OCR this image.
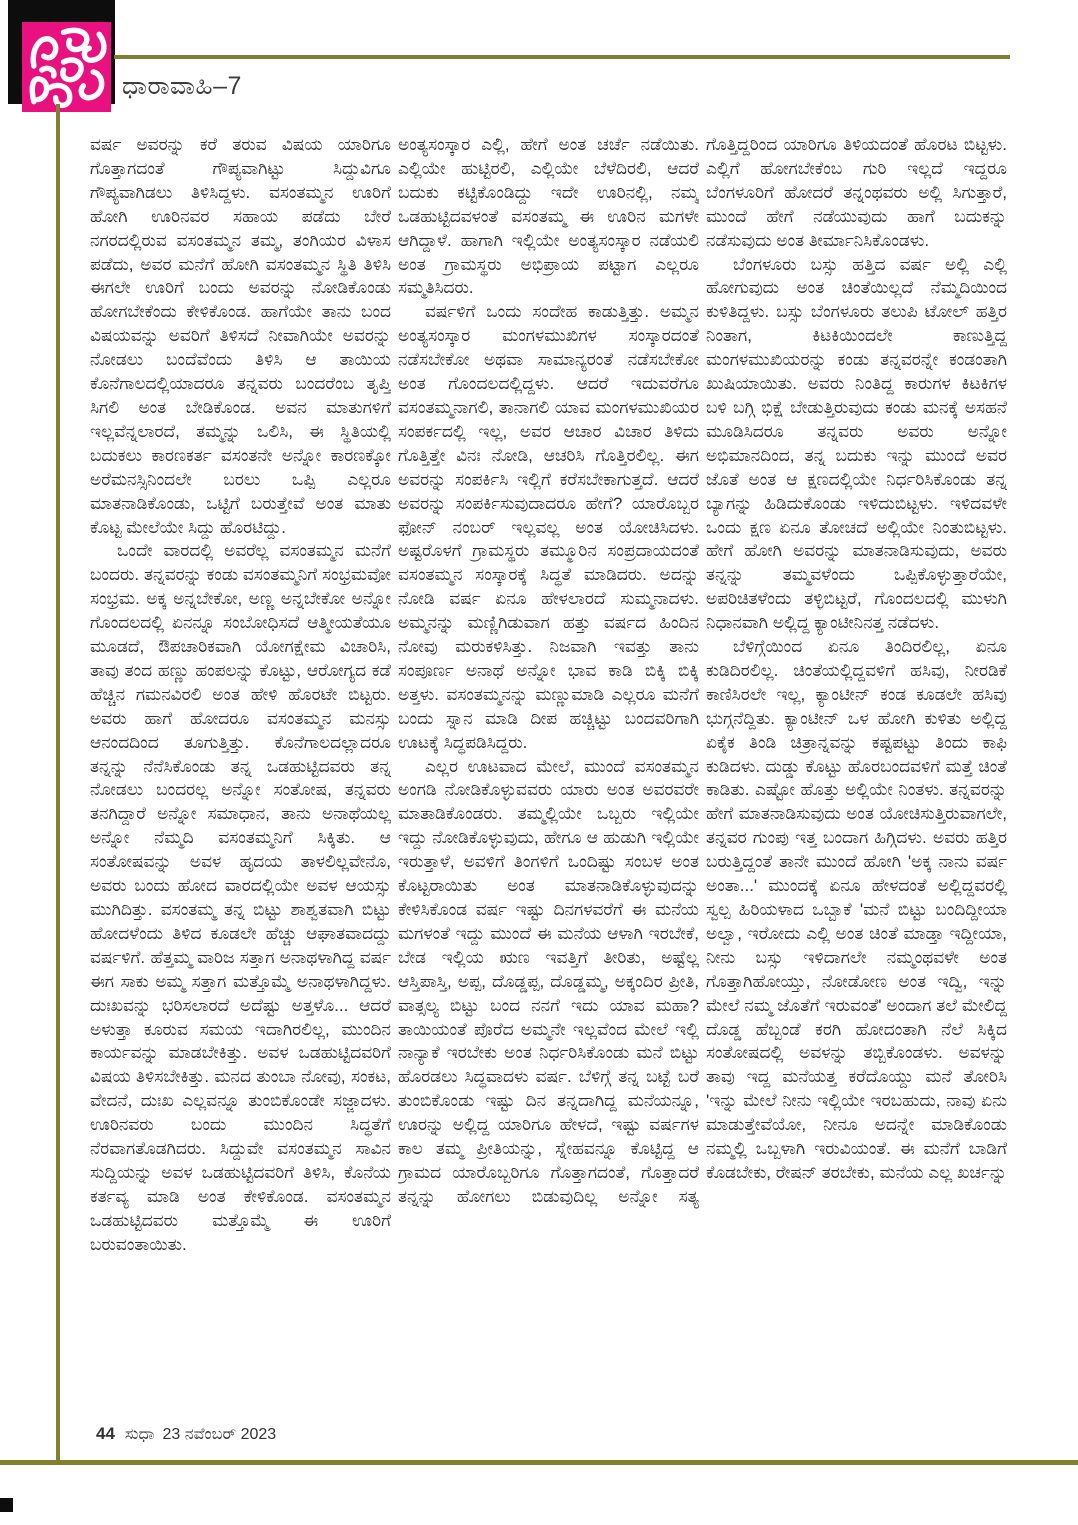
ಧಾರಾವಾಹಿ–7

ವರ್ಷ ಅವರನ್ನು ಕರೆ ತರುವ ವಿಷಯ ಯಾರಿಗೂ ಗೊತ್ತಾಗದಂತೆ ಗೌಪ್ಯವಾಗಿಟ್ಟು ಸಿದ್ದುವಿಗೂ ಗೌಪ್ಯವಾಗಿಡಲು ತಿಳಿಸಿದ್ದಳು. ವಸಂತಮ್ಮನ ಊರಿಗೆ ಹೋಗಿ ಊರಿನವರ ಸಹಾಯ ಪಡೆದು ಬೇರೆ ನಗರದಲ್ಲಿರುವ ವಸಂತಮ್ಮನ ತಮ್ಮ, ತಂಗಿಯರ ವಿಳಾಸ ಪಡೆದು, ಅವರ ಮನೆಗೆ ಹೋಗಿ ವಸಂತಮ್ಮನ ಸ್ಥಿತಿ ತಿಳಿಸಿ ಈಗಲೇ ಊರಿಗೆ ಬಂದು ಅವರನ್ನು ನೋಡಿಕೊಂಡು ಹೋಗಬೇಕೆಂದು ಕೇಳಿಕೊಂಡ. ಹಾಗೆಯೇ ತಾನು ಬಂದ ವಿಷಯವನ್ನು ಅವರಿಗೆ ತಿಳಿಸದೆ ನೀವಾಗಿಯೇ ಅವರನ್ನು ನೋಡಲು ಬಂದೆವೆಂದು ತಿಳಿಸಿ ಆ ತಾಯಿಯ ಕೊನೆಗಾಲದಲ್ಲಿಯಾದರೂ ತನ್ನವರು ಬಂದರೆಂಬ ತೃಪ್ತಿ ಸಿಗಲಿ ಅಂತ ಬೇಡಿಕೊಂಡ. ಅವನ ಮಾತುಗಳಿಗೆ ಇಲ್ಲವೆನ್ನಲಾರದೆ, ತಮ್ಮನ್ನು ಒಲಿಸಿ, ಈ ಸ್ಥಿತಿಯಲ್ಲಿ ಬದುಕಲು ಕಾರಣಕರ್ತ ವಸಂತನೇ ಅನ್ನೋ ಕಾರಣಕ್ಕೋ ಅರೆಮನಸ್ಸಿನಿಂದಲೇ ಬರಲು ಒಪ್ಪಿ ಎಲ್ಲರೂ ಮಾತನಾಡಿಕೊಂಡು, ಒಟ್ಟಿಗೆ ಬರುತ್ತೇವೆ ಅಂತ ಮಾತು ಕೊಟ್ಟ ಮೇಲೆಯೇ ಸಿದ್ದು ಹೊರಟಿದ್ದು.

ಒಂದೇ ವಾರದಲ್ಲಿ ಅವರೆಲ್ಲ ವಸಂತಮ್ಮನ ಮನೆಗೆ ಬಂದರು. ತನ್ನವರನ್ನು ಕಂಡು ವಸಂತಮ್ಮನಿಗೆ ಸಂಭ್ರಮವೋ ಸಂಭ್ರಮ. ಅಕ್ಕ ಅನ್ನಬೇಕೋ, ಅಣ್ಣ ಅನ್ನಬೇಕೋ ಅನ್ನೋ ಗೊಂದಲದಲ್ಲಿ ಏನನ್ನೂ ಸಂಬೋಧಿಸದೆ ಆತ್ಮೀಯತೆಯೂ ಮೂಡದೆ, ಔಪಚಾರಿಕವಾಗಿ ಯೋಗಕ್ಷೇಮ ವಿಚಾರಿಸಿ, ತಾವು ತಂದ ಹಣ್ಣು ಹಂಪಲನ್ನು ಕೊಟ್ಟು, ಆರೋಗ್ಯದ ಕಡೆ ಹೆಚ್ಚಿನ ಗಮನವಿರಲಿ ಅಂತ ಹೇಳಿ ಹೊರಟೇ ಬಿಟ್ಟರು. ಅವರು ಹಾಗೆ ಹೋದರೂ ವಸಂತಮ್ಮನ ಮನಸ್ಸು ಆನಂದದಿಂದ ತೂಗುತ್ತಿತ್ತು. ಕೊನೆಗಾಲದಲ್ಲಾದರೂ ತನ್ನನ್ನು ನೆನೆಸಿಕೊಂಡು ತನ್ನ ಒಡಹುಟ್ಟಿದವರು ತನ್ನ ನೋಡಲು ಬಂದರಲ್ಲ ಅನ್ನೋ ಸಂತೋಷ, ತನ್ನವರು ತನಗಿದ್ದಾರೆ ಅನ್ನೋ ಸಮಾಧಾನ, ತಾನು ಅನಾಥೆಯಲ್ಲ ಅನ್ನೋ ನೆಮ್ಮದಿ ವಸಂತಮ್ಮನಿಗೆ ಸಿಕ್ಕಿತು. ಆ ಸಂತೋಷವನ್ನು ಅವಳ ಹೃದಯ ತಾಳಲಿಲ್ಲವೇನೊ, ಅವರು ಬಂದು ಹೋದ ವಾರದಲ್ಲಿಯೇ ಅವಳ ಆಯಸ್ಸು ಮುಗಿದಿತ್ತು. ವಸಂತಮ್ಮ ತನ್ನ ಬಿಟ್ಟು ಶಾಶ್ವತವಾಗಿ ಬಿಟ್ಟು ಹೋದಳೆಂದು ತಿಳಿದ ಕೂಡಲೇ ಹೆಚ್ಚು ಆಘಾತವಾದದ್ದು ವರ್ಷಳಿಗೆ. ಹೆತ್ತಮ್ಮ ವಾರಿಜ ಸತ್ತಾಗ ಅನಾಥಳಾಗಿದ್ದ ವರ್ಷ ಈಗ ಸಾಕು ಅಮ್ಮ ಸತ್ತಾಗ ಮತ್ತೊಮ್ಮೆ ಅನಾಥಳಾಗಿದ್ದಳು. ದುಃಖವನ್ನು ಭರಿಸಲಾರದೆ ಅದೆಷ್ಟು ಅತ್ತಳೊ... ಆದರೆ ಅಳುತ್ತಾ ಕೂರುವ ಸಮಯ ಇದಾಗಿರಲಿಲ್ಲ, ಮುಂದಿನ ಕಾರ್ಯವನ್ನು ಮಾಡಬೇಕಿತ್ತು. ಅವಳ ಒಡಹುಟ್ಟಿದವರಿಗೆ ವಿಷಯ ತಿಳಿಸಬೇಕಿತ್ತು. ಮನದ ತುಂಬಾ ನೋವು, ಸಂಕಟ, ವೇದನೆ, ದುಃಖ ಎಲ್ಲವನ್ನೂ ತುಂಬಿಕೊಂಡೇ ಸಜ್ಜಾದಳು. ಊರಿನವರು ಬಂದು ಮುಂದಿನ ಸಿದ್ಧತೆಗೆ ನೆರವಾಗತೊಡಗಿದರು. ಸಿದ್ದುವೇ ವಸಂತಮ್ಮನ ಸಾವಿನ ಸುದ್ದಿಯನ್ನು ಅವಳ ಒಡಹುಟ್ಟಿದವರಿಗೆ ತಿಳಿಸಿ, ಕೊನೆಯ ಕರ್ತವ್ಯ ಮಾಡಿ ಅಂತ ಕೇಳಿಕೊಂಡ. ವಸಂತಮ್ಮನ ಒಡಹುಟ್ಟಿದವರು ಮತ್ತೊಮ್ಮೆ ಈ ಊರಿಗೆ ಬರುವಂತಾಯಿತು.

ಅಂತ್ಯಸಂಸ್ಕಾರ ಎಲ್ಲಿ, ಹೇಗೆ ಅಂತ ಚರ್ಚೆ ನಡೆಯಿತು. ಎಲ್ಲಿಯೇ ಹುಟ್ಟಿರಲಿ, ಎಲ್ಲಿಯೇ ಬೆಳೆದಿರಲಿ, ಆದರೆ ಬದುಕು ಕಟ್ಟಿಕೊಂಡಿದ್ದು ಇದೇ ಊರಿನಲ್ಲಿ, ನಮ್ಮ ಒಡಹುಟ್ಟಿದವಳಂತೆ ವಸಂತಮ್ಮ ಈ ಊರಿನ ಮಗಳೇ ಆಗಿದ್ದಾಳೆ. ಹಾಗಾಗಿ ಇಲ್ಲಿಯೇ ಅಂತ್ಯಸಂಸ್ಕಾರ ನಡೆಯಲಿ ಅಂತ ಗ್ರಾಮಸ್ಥರು ಅಭಿಪ್ರಾಯ ಪಟ್ಟಾಗ ಎಲ್ಲರೂ ಸಮ್ಮತಿಸಿದರು.

ವರ್ಷಳಿಗೆ ಒಂದು ಸಂದೇಹ ಕಾಡುತ್ತಿತ್ತು. ಅಮ್ಮನ ಅಂತ್ಯಸಂಸ್ಕಾರ ಮಂಗಳಮುಖಿಗಳ ಸಂಸ್ಕಾರದಂತೆ ನಡೆಸಬೇಕೋ ಅಥವಾ ಸಾಮಾನ್ಯರಂತೆ ನಡೆಸಬೇಕೋ ಅಂತ ಗೊಂದಲದಲ್ಲಿದ್ದಳು. ಆದರೆ ಇದುವರೆಗೂ ವಸಂತಮ್ಮನಾಗಲಿ, ತಾನಾಗಲಿ ಯಾವ ಮಂಗಳಮುಖಿಯರ ಸಂಪರ್ಕದಲ್ಲಿ ಇಲ್ಲ, ಅವರ ಆಚಾರ ವಿಚಾರ ತಿಳಿದು ಗೊತ್ತಿತ್ತೇ ವಿನಃ ನೋಡಿ, ಆಚರಿಸಿ ಗೊತ್ತಿರಲಿಲ್ಲ. ಈಗ ಅವರನ್ನು ಸಂಪರ್ಕಿಸಿ ಇಲ್ಲಿಗೆ ಕರೆಸಬೇಕಾಗುತ್ತದೆ. ಆದರೆ ಅವರನ್ನು ಸಂಪರ್ಕಿಸುವುದಾದರೂ ಹೇಗೆ? ಯಾರೊಬ್ಬರ ಫೋನ್ ನಂಬರ್ ಇಲ್ಲವಲ್ಲ ಅಂತ ಯೋಚಿಸಿದಳು. ಅಷ್ಟರೊಳಗೆ ಗ್ರಾಮಸ್ಥರು ತಮ್ಮೂರಿನ ಸಂಪ್ರದಾಯದಂತೆ ವಸಂತಮ್ಮನ ಸಂಸ್ಕಾರಕ್ಕೆ ಸಿದ್ಧತೆ ಮಾಡಿದರು. ಅದನ್ನು ನೋಡಿ ವರ್ಷ ಏನೂ ಹೇಳಲಾರದೆ ಸುಮ್ಮನಾದಳು. ಅಮ್ಮನನ್ನು ಮಣ್ಣಿಗಿಡುವಾಗ ಹತ್ತು ವರ್ಷದ ಹಿಂದಿನ ನೋವು ಮರುಕಳಿಸಿತ್ತು. ನಿಜವಾಗಿ ಇವತ್ತು ತಾನು ಸಂಪೂರ್ಣ ಅನಾಥೆ ಅನ್ನೋ ಭಾವ ಕಾಡಿ ಬಿಕ್ಕಿ ಬಿಕ್ಕಿ ಅತ್ತಳು. ವಸಂತಮ್ಮನನ್ನು ಮಣ್ಣುಮಾಡಿ ಎಲ್ಲರೂ ಮನೆಗೆ ಬಂದು ಸ್ನಾನ ಮಾಡಿ ದೀಪ ಹಚ್ಚಿಟ್ಟು ಬಂದವರಿಗಾಗಿ ಊಟಕ್ಕೆ ಸಿದ್ಧಪಡಿಸಿದ್ದರು.

ಎಲ್ಲರ ಊಟವಾದ ಮೇಲೆ, ಮುಂದೆ ವಸಂತಮ್ಮನ ಅಂಗಡಿ ನೋಡಿಕೊಳ್ಳುವವರು ಯಾರು ಅಂತ ಅವರವರೇ ಮಾತಾಡಿಕೊಂಡರು. ತಮ್ಮಲ್ಲಿಯೇ ಒಬ್ಬರು ಇಲ್ಲಿಯೇ ಇದ್ದು ನೋಡಿಕೊಳ್ಳುವುದು, ಹೇಗೂ ಆ ಹುಡುಗಿ ಇಲ್ಲಿಯೇ ಇರುತ್ತಾಳೆ, ಅವಳಿಗೆ ತಿಂಗಳಿಗೆ ಒಂದಿಷ್ಟು ಸಂಬಳ ಅಂತ ಕೊಟ್ಟರಾಯಿತು ಅಂತ ಮಾತನಾಡಿಕೊಳ್ಳುವುದನ್ನು ಕೇಳಿಸಿಕೊಂಡ ವರ್ಷ ಇಷ್ಟು ದಿನಗಳವರೆಗೆ ಈ ಮನೆಯ ಮಗಳಂತೆ ಇದ್ದು ಮುಂದೆ ಈ ಮನೆಯ ಆಳಾಗಿ ಇರಬೇಕೆ, ಬೇಡ ಇಲ್ಲಿಯ ಋಣ ಇವತ್ತಿಗೆ ತೀರಿತು, ಅಷ್ಟೆಲ್ಲ ಆಸ್ತಿಪಾಸ್ತಿ, ಅಪ್ಪ, ದೊಡ್ಡಪ್ಪ, ದೊಡ್ಡಮ್ಮ, ಅಕ್ಕಂದಿರ ಪ್ರೀತಿ, ವಾತ್ಸಲ್ಯ ಬಿಟ್ಟು ಬಂದ ನನಗೆ ಇದು ಯಾವ ಮಹಾ? ತಾಯಿಯಂತೆ ಪೊರೆದ ಅಮ್ಮನೇ ಇಲ್ಲವೆಂದ ಮೇಲೆ ಇಲ್ಲಿ ನಾನ್ಯಾಕೆ ಇರಬೇಕು ಅಂತ ನಿರ್ಧರಿಸಿಕೊಂಡು ಮನೆ ಬಿಟ್ಟು ಹೊರಡಲು ಸಿದ್ಧವಾದಳು ವರ್ಷ. ಬೆಳಿಗ್ಗೆ ತನ್ನ ಬಟ್ಟೆ ಬರೆ ತುಂಬಿಕೊಂಡು ಇಷ್ಟು ದಿನ ತನ್ನದಾಗಿದ್ದ ಮನೆಯನ್ನೂ, ಊರನ್ನು ಅಲ್ಲಿದ್ದ ಯಾರಿಗೂ ಹೇಳದೆ, ಇಷ್ಟು ವರ್ಷಗಳ ಕಾಲ ತಮ್ಮ ಪ್ರೀತಿಯನ್ನು, ಸ್ನೇಹವನ್ನೂ ಕೊಟ್ಟಿದ್ದ ಆ ಗ್ರಾಮದ ಯಾರೊಬ್ಬರಿಗೂ ಗೊತ್ತಾಗದಂತೆ, ಗೊತ್ತಾದರೆ ತನ್ನನ್ನು ಹೋಗಲು ಬಿಡುವುದಿಲ್ಲ ಅನ್ನೋ ಸತ್ಯ

ಗೊತ್ತಿದ್ದರಿಂದ ಯಾರಿಗೂ ತಿಳಿಯದಂತೆ ಹೊರಟ ಬಿಟ್ಟಳು. ಎಲ್ಲಿಗೆ ಹೋಗಬೇಕೆಂಬ ಗುರಿ ಇಲ್ಲದೆ ಇದ್ದರೂ ಬೆಂಗಳೂರಿಗೆ ಹೋದರೆ ತನ್ನಂಥವರು ಅಲ್ಲಿ ಸಿಗುತ್ತಾರೆ, ಮುಂದೆ ಹೇಗೆ ನಡೆಯುವುದು ಹಾಗೆ ಬದುಕನ್ನು ನಡೆಸುವುದು ಅಂತ ತೀರ್ಮಾನಿಸಿಕೊಂಡಳು.

ಬೆಂಗಳೂರು ಬಸ್ಸು ಹತ್ತಿದ ವರ್ಷ ಅಲ್ಲಿ ಎಲ್ಲಿ ಹೋಗುವುದು ಅಂತ ಚಿಂತೆಯಿಲ್ಲದೆ ನೆಮ್ಮದಿಯಿಂದ ಕುಳಿತಿದ್ದಳು. ಬಸ್ಸು ಬೆಂಗಳೂರು ತಲುಪಿ ಟೋಲ್ ಹತ್ತಿರ ನಿಂತಾಗ, ಕಿಟಕಿಯಿಂದಲೇ ಕಾಣುತ್ತಿದ್ದ ಮಂಗಳಮುಖಿಯರನ್ನು ಕಂಡು ತನ್ನವರನ್ನೇ ಕಂಡಂತಾಗಿ ಖುಷಿಯಾಯಿತು. ಅವರು ನಿಂತಿದ್ದ ಕಾರುಗಳ ಕಿಟಕಿಗಳ ಬಳಿ ಬಗ್ಗಿ ಭಿಕ್ಷೆ ಬೇಡುತ್ತಿರುವುದು ಕಂಡು ಮನಕ್ಕೆ ಅಸಹನೆ ಮೂಡಿಸಿದರೂ ತನ್ನವರು ಅವರು ಅನ್ನೋ ಅಭಿಮಾನದಿಂದ, ತನ್ನ ಬದುಕು ಇನ್ನು ಮುಂದೆ ಅವರ ಜೊತೆ ಅಂತ ಆ ಕ್ಷಣದಲ್ಲಿಯೇ ನಿರ್ಧರಿಸಿಕೊಂಡು ತನ್ನ ಬ್ಯಾಗನ್ನು ಹಿಡಿದುಕೊಂಡು ಇಳಿದುಬಿಟ್ಟಳು. ಇಳಿದವಳೇ ಒಂದು ಕ್ಷಣ ಏನೂ ತೋಚದೆ ಅಲ್ಲಿಯೇ ನಿಂತುಬಿಟ್ಟಳು. ಹೇಗೆ ಹೋಗಿ ಅವರನ್ನು ಮಾತನಾಡಿಸುವುದು, ಅವರು ತನ್ನನ್ನು ತಮ್ಮವಳೆಂದು ಒಪ್ಪಿಕೊಳ್ಳುತ್ತಾರೆಯೇ, ಅಪರಿಚಿತಳೆಂದು ತಳ್ಳಿಬಿಟ್ಟರೆ, ಗೊಂದಲದಲ್ಲಿ ಮುಳುಗಿ ನಿಧಾನವಾಗಿ ಅಲ್ಲಿದ್ದ ಕ್ಯಾಂಟೀನಿನತ್ತ ನಡೆದಳು.

ಬೆಳಿಗ್ಗೆಯಿಂದ ಏನೂ ತಿಂದಿರಲಿಲ್ಲ, ಏನೂ ಕುಡಿದಿರಲಿಲ್ಲ. ಚಿಂತೆಯಲ್ಲಿದ್ದವಳಿಗೆ ಹಸಿವು, ನೀರಡಿಕೆ ಕಾಣಿಸಿರಲೇ ಇಲ್ಲ, ಕ್ಯಾಂಟೀನ್ ಕಂಡ ಕೂಡಲೇ ಹಸಿವು ಭುಗ್ಗನೆದ್ದಿತು. ಕ್ಯಾಂಟೀನ್ ಒಳ ಹೋಗಿ ಕುಳಿತು ಅಲ್ಲಿದ್ದ ಏಕೈಕ ತಿಂಡಿ ಚಿತ್ರಾನ್ನವನ್ನು ಕಷ್ಟಪಟ್ಟು ತಿಂದು ಕಾಫಿ ಕುಡಿದಳು. ದುಡ್ಡು ಕೊಟ್ಟು ಹೊರಬಂದವಳಿಗೆ ಮತ್ತೆ ಚಿಂತೆ ಕಾಡಿತು. ಎಷ್ಟೋ ಹೊತ್ತು ಅಲ್ಲಿಯೇ ನಿಂತಳು. ತನ್ನವರನ್ನು ಹೇಗೆ ಮಾತನಾಡಿಸುವುದು ಅಂತ ಯೋಚಿಸುತ್ತಿರುವಾಗಲೇ, ತನ್ನವರ ಗುಂಪು ಇತ್ತ ಬಂದಾಗ ಹಿಗ್ಗಿದಳು. ಅವರು ಹತ್ತಿರ ಬರುತ್ತಿದ್ದಂತೆ ತಾನೇ ಮುಂದೆ ಹೋಗಿ 'ಅಕ್ಕ ನಾನು ವರ್ಷ ಅಂತಾ...' ಮುಂದಕ್ಕೆ ಏನೂ ಹೇಳದಂತೆ ಅಲ್ಲಿದ್ದವರಲ್ಲಿ ಸ್ವಲ್ಪ ಹಿರಿಯಳಾದ ಒಬ್ಬಾಕೆ 'ಮನೆ ಬಿಟ್ಟು ಬಂದಿದ್ದೀಯಾ ಅಲ್ವಾ, ಇರೋದು ಎಲ್ಲಿ ಅಂತ ಚಿಂತೆ ಮಾಡ್ತಾ ಇದ್ದೀಯಾ, ನೀನು ಬಸ್ಸು ಇಳಿದಾಗಲೇ ನಮ್ಮಂಥವಳೇ ಅಂತ ಗೊತ್ತಾಗಿಹೋಯ್ತು, ನೋಡೋಣ ಅಂತ ಇದ್ವಿ, ಇನ್ನು ಮೇಲೆ ನಮ್ಮ ಜೊತೆಗೆ ಇರುವಂತೆ' ಅಂದಾಗ ತಲೆ ಮೇಲಿದ್ದ ದೊಡ್ಡ ಹೆಬ್ಬಂಡೆ ಕರಗಿ ಹೋದಂತಾಗಿ ನೆಲೆ ಸಿಕ್ಕಿದ ಸಂತೋಷದಲ್ಲಿ ಅವಳನ್ನು ತಬ್ಬಿಕೊಂಡಳು. ಅವಳನ್ನು ತಾವು ಇದ್ದ ಮನೆಯತ್ತ ಕರೆದೊಯ್ದು ಮನೆ ತೋರಿಸಿ 'ಇನ್ನು ಮೇಲೆ ನೀನು ಇಲ್ಲಿಯೇ ಇರಬಹುದು, ನಾವು ಏನು ಮಾಡುತ್ತೇವೆಯೋ, ನೀನೂ ಅದನ್ನೇ ಮಾಡಿಕೊಂಡು ನಮ್ಮಲ್ಲಿ ಒಬ್ಬಳಾಗಿ ಇರುವಿಯಂತೆ. ಈ ಮನೆಗೆ ಬಾಡಿಗೆ ಕೊಡಬೇಕು, ರೇಷನ್ ತರಬೇಕು, ಮನೆಯ ಎಲ್ಲ ಖರ್ಚನ್ನು

44 ಸುಧಾ 23 ನವೆಂಬರ್ 2023
